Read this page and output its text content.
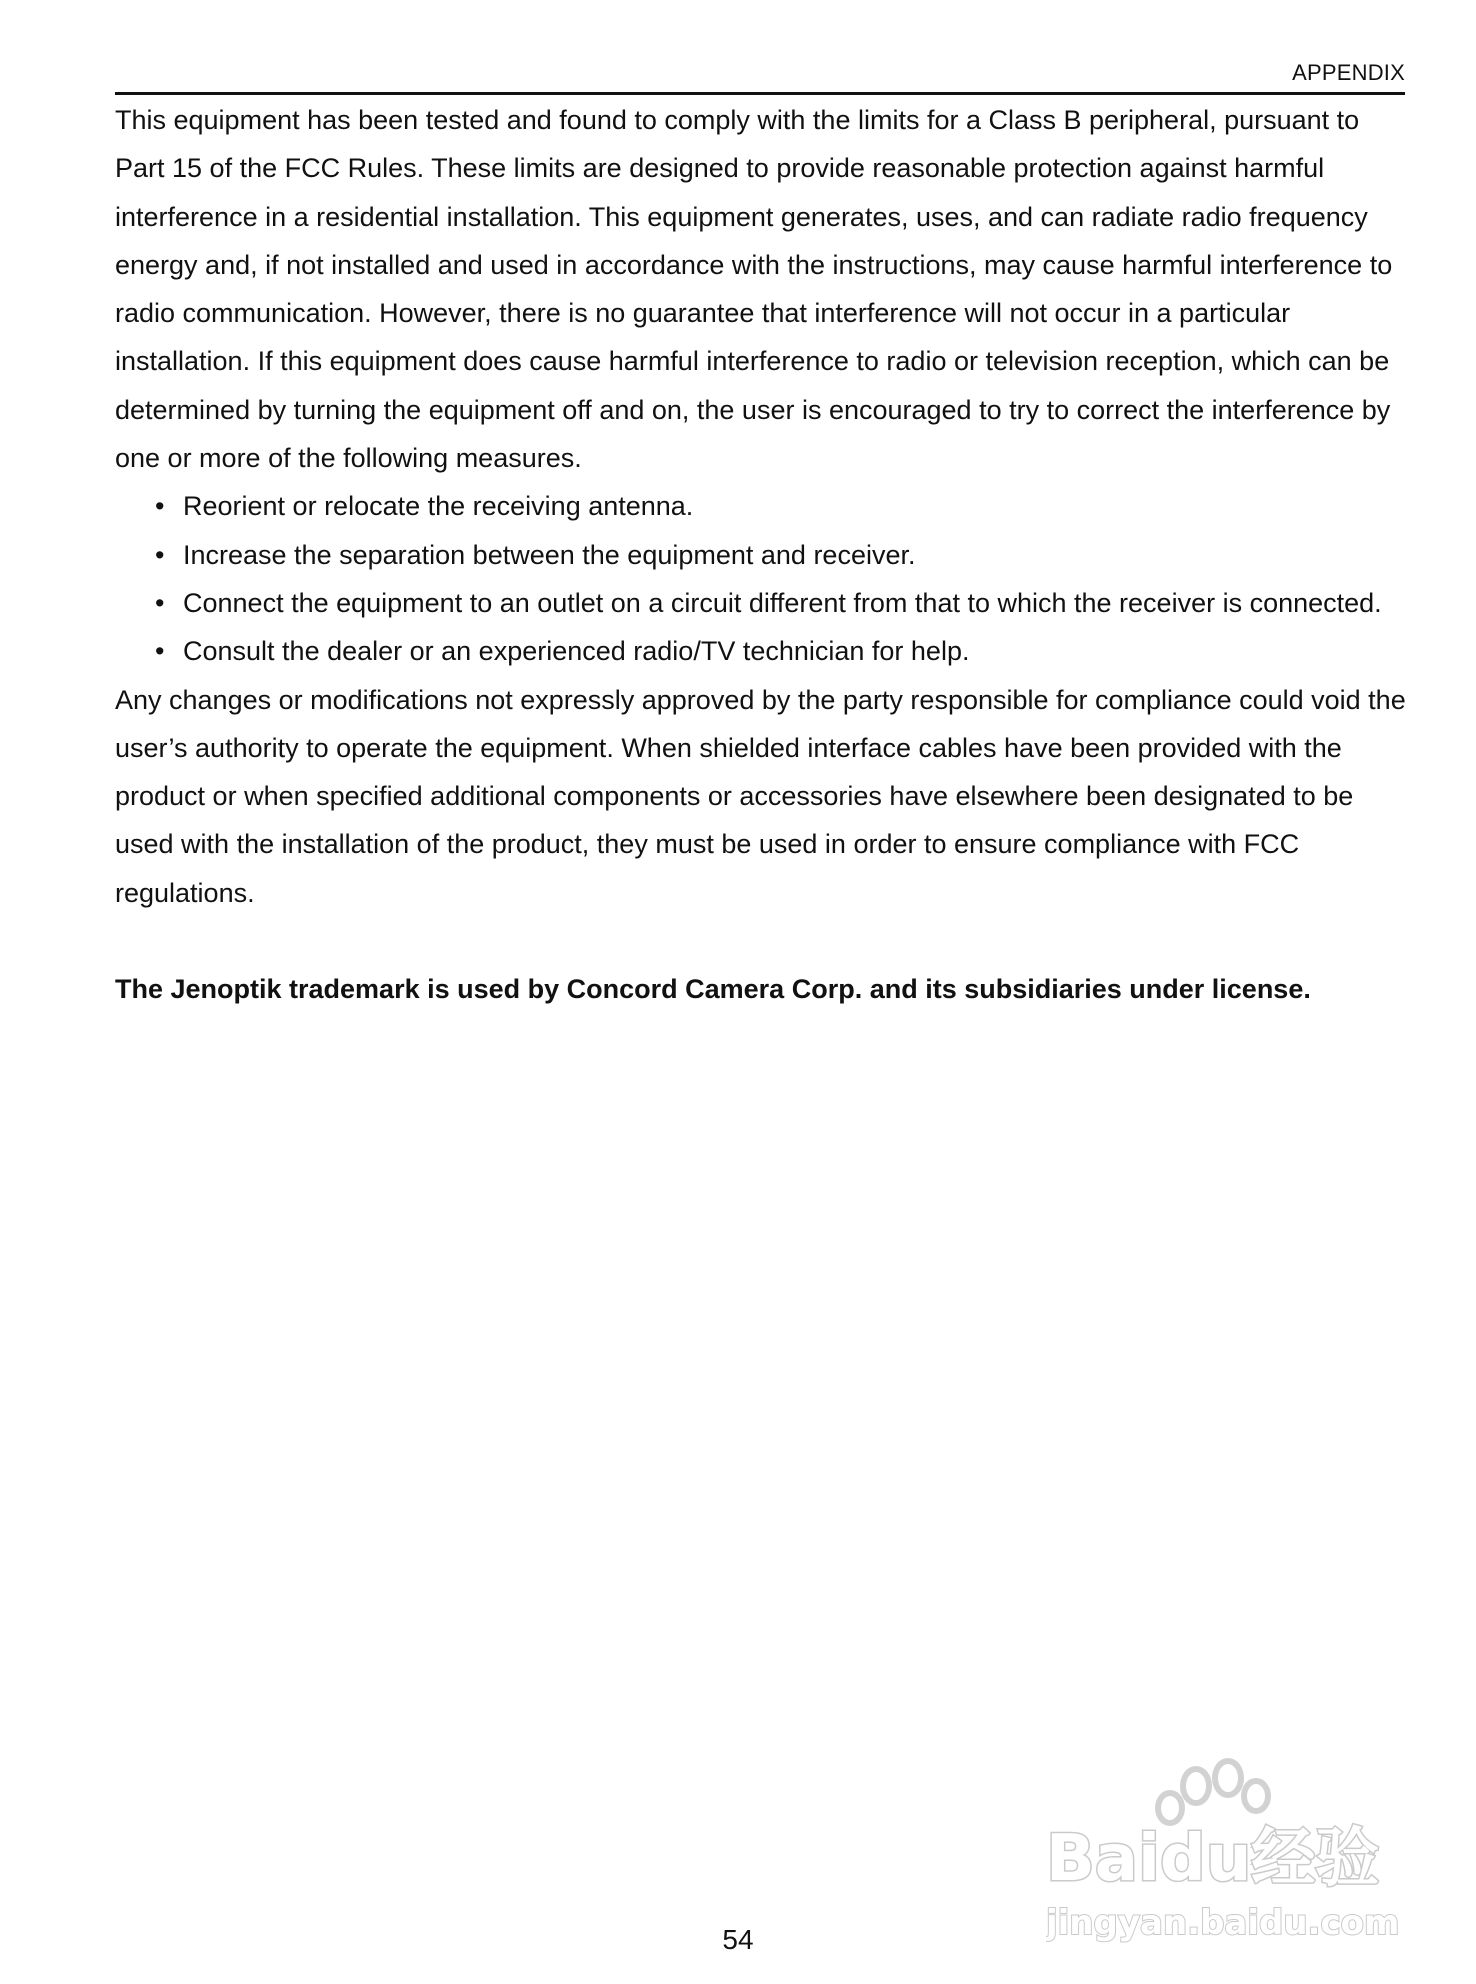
APPENDIX

This equipment has been tested and found to comply with the limits for a Class B peripheral, pursuant to Part 15 of the FCC Rules. These limits are designed to provide reasonable protection against harmful interference in a residential installation. This equipment generates, uses, and can radiate radio frequency energy and, if not installed and used in accordance with the instructions, may cause harmful interference to radio communication. However, there is no guarantee that interference will not occur in a particular installation. If this equipment does cause harmful interference to radio or television reception, which can be determined by turning the equipment off and on, the user is encouraged to try to correct the interference by one or more of the following measures.

• Reorient or relocate the receiving antenna.
• Increase the separation between the equipment and receiver.
• Connect the equipment to an outlet on a circuit different from that to which the receiver is connected.
• Consult the dealer or an experienced radio/TV technician for help.

Any changes or modifications not expressly approved by the party responsible for compliance could void the user’s authority to operate the equipment. When shielded interface cables have been provided with the product or when specified additional components or accessories have elsewhere been designated to be used with the installation of the product, they must be used in order to ensure compliance with FCC regulations.

The Jenoptik trademark is used by Concord Camera Corp. and its subsidiaries under license.

54
Baidu经验
jingyan.baidu.com
